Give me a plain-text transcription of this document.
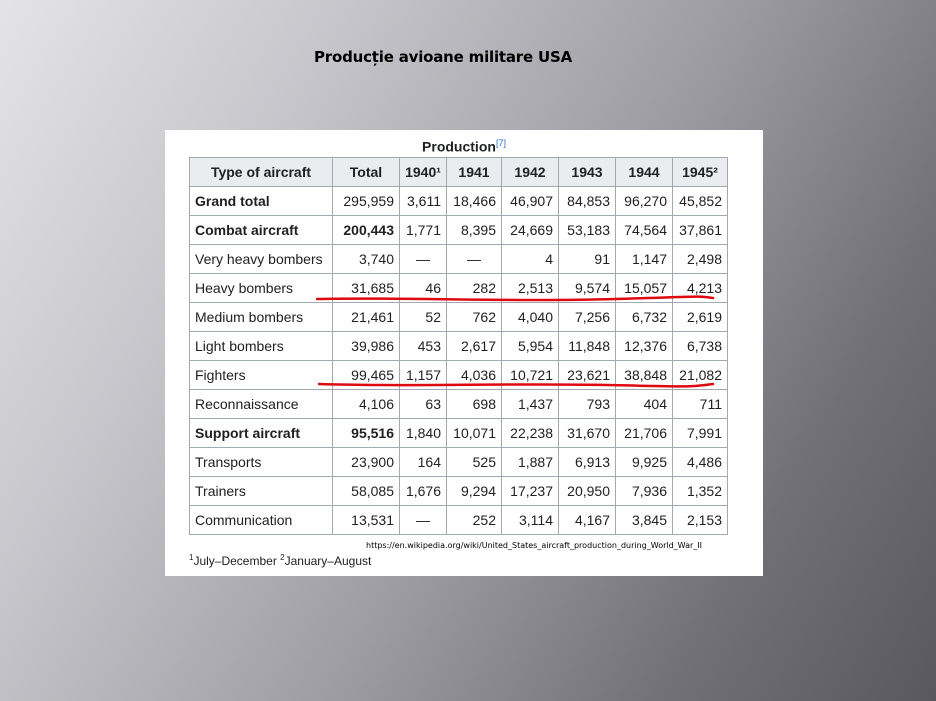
Producție avioane militare USA
Production[7]
Type of aircraft	Total	1940¹	1941	1942	1943	1944	1945²
Grand total	295,959	3,611	18,466	46,907	84,853	96,270	45,852
Combat aircraft	200,443	1,771	8,395	24,669	53,183	74,564	37,861
Very heavy bombers	3,740	—	—	4	91	1,147	2,498
Heavy bombers	31,685	46	282	2,513	9,574	15,057	4,213
Medium bombers	21,461	52	762	4,040	7,256	6,732	2,619
Light bombers	39,986	453	2,617	5,954	11,848	12,376	6,738
Fighters	99,465	1,157	4,036	10,721	23,621	38,848	21,082
Reconnaissance	4,106	63	698	1,437	793	404	711
Support aircraft	95,516	1,840	10,071	22,238	31,670	21,706	7,991
Transports	23,900	164	525	1,887	6,913	9,925	4,486
Trainers	58,085	1,676	9,294	17,237	20,950	7,936	1,352
Communication	13,531	—	252	3,114	4,167	3,845	2,153
https://en.wikipedia.org/wiki/United_States_aircraft_production_during_World_War_II
$^1$July–December $^2$January–August
